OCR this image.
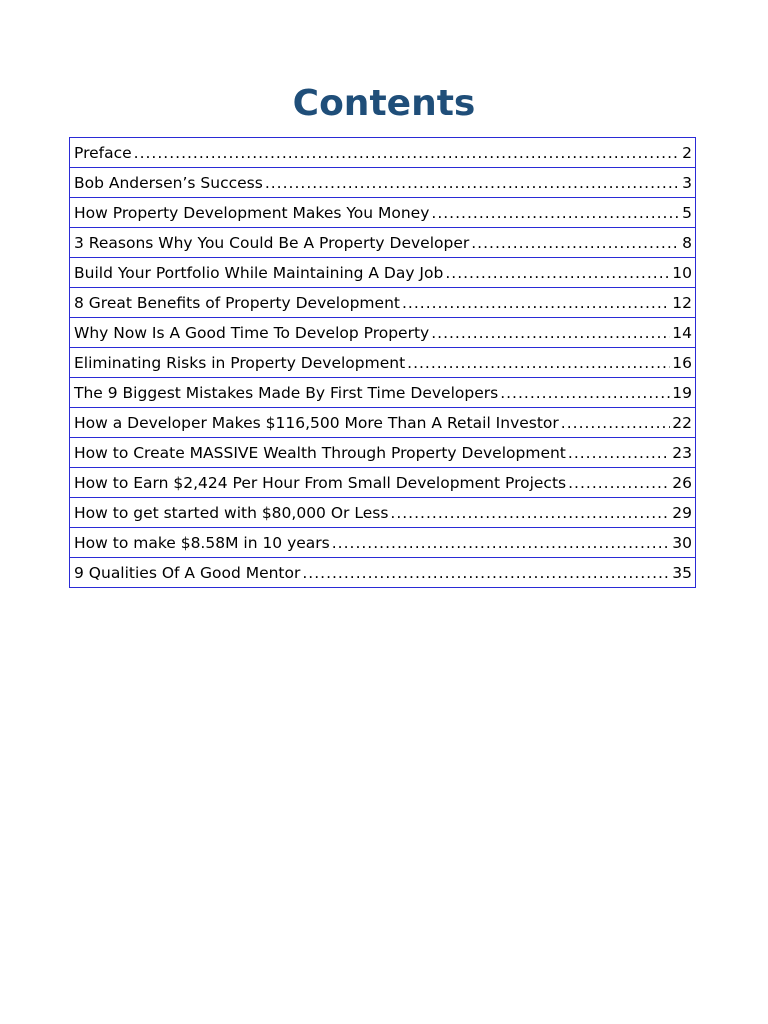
Contents
Preface .....	2
Bob Andersen’s Success .....	3
How Property Development Makes You Money .....	5
3 Reasons Why You Could Be A Property Developer .....	8
Build Your Portfolio While Maintaining A Day Job .....	10
8 Great Benefits of Property Development .....	12
Why Now Is A Good Time To Develop Property .....	14
Eliminating Risks in Property Development .....	16
The 9 Biggest Mistakes Made By First Time Developers .....	19
How a Developer Makes $116,500 More Than A Retail Investor .....	22
How to Create MASSIVE Wealth Through Property Development .....	23
How to Earn $2,424 Per Hour From Small Development Projects .....	26
How to get started with $80,000 Or Less .....	29
How to make $8.58M in 10 years .....	30
9 Qualities Of A Good Mentor .....	35
